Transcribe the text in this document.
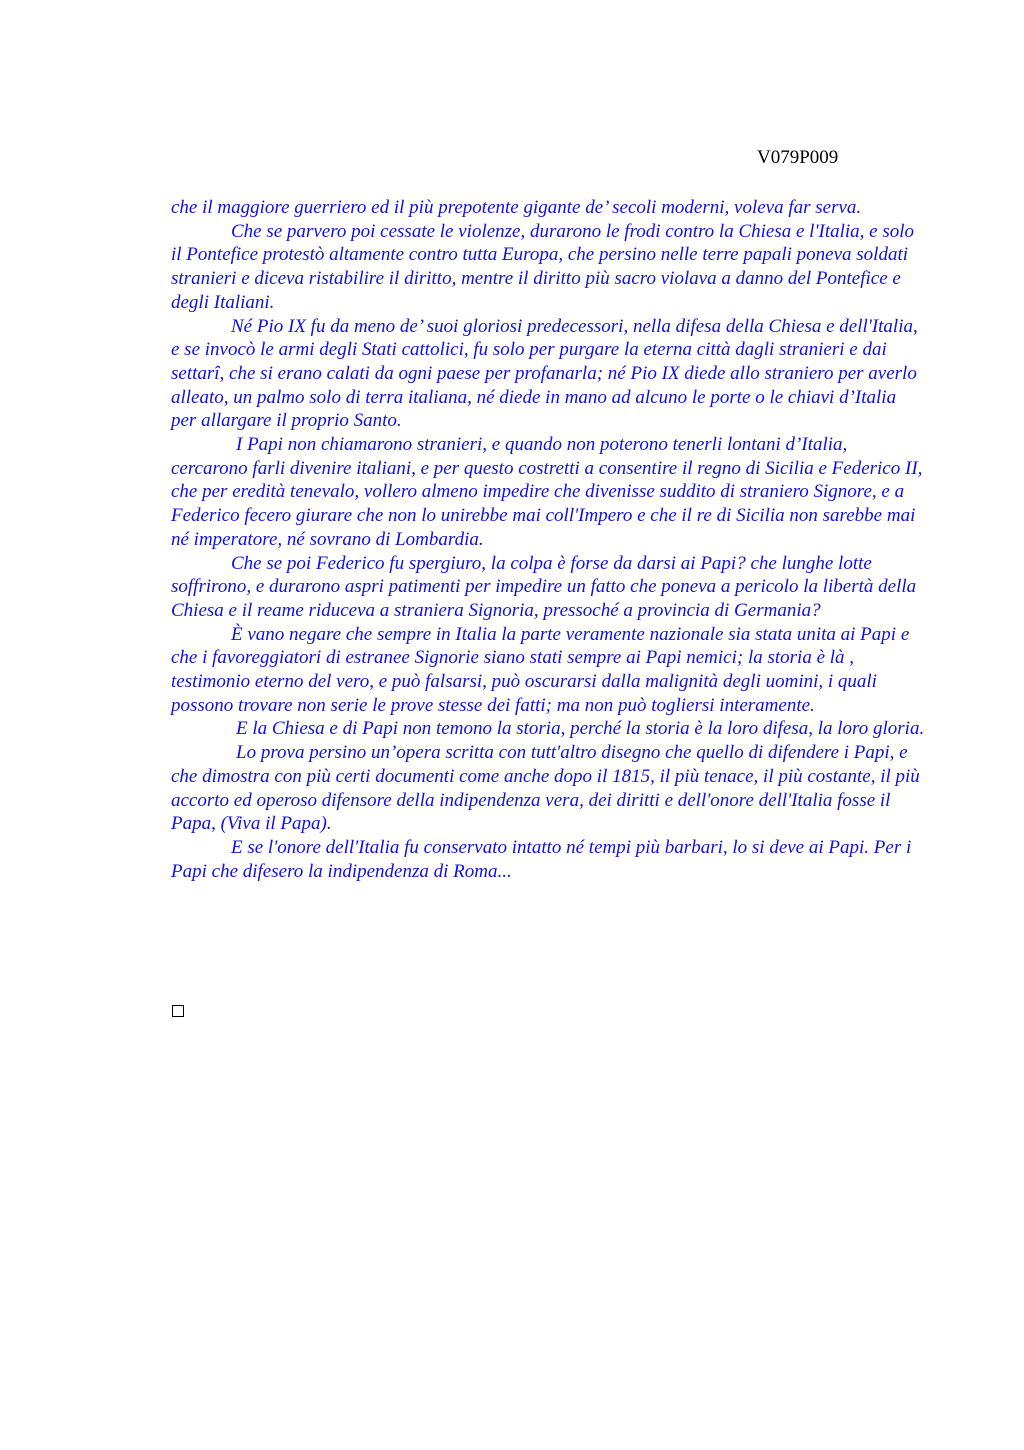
V079P009

che il maggiore guerriero ed il più prepotente gigante de’ secoli moderni, voleva far serva.

Che se parvero poi cessate le violenze, durarono le frodi contro la Chiesa e l'Italia, e solo il Pontefice protestò altamente contro tutta Europa, che persino nelle terre papali poneva soldati stranieri e diceva ristabilire il diritto, mentre il diritto più sacro violava a danno del Pontefice e degli Italiani.

Né Pio IX fu da meno de’ suoi gloriosi predecessori, nella difesa della Chiesa e dell'Italia, e se invocò le armi degli Stati cattolici, fu solo per purgare la eterna città dagli stranieri e dai settarî, che si erano calati da ogni paese per profanarla; né Pio IX diede allo straniero per averlo alleato, un palmo solo di terra italiana, né diede in mano ad alcuno le porte o le chiavi d’Italia per allargare il proprio Santo.

I Papi non chiamarono stranieri, e quando non poterono tenerli lontani d’Italia, cercarono farli divenire italiani, e per questo costretti a consentire il regno di Sicilia e Federico II, che per eredità tenevalo, vollero almeno impedire che divenisse suddito di straniero Signore, e a Federico fecero giurare che non lo unirebbe mai coll'Impero e che il re di Sicilia non sarebbe mai né imperatore, né sovrano di Lombardia.

Che se poi Federico fu spergiuro, la colpa è forse da darsi ai Papi? che lunghe lotte soffrirono, e durarono aspri patimenti per impedire un fatto che poneva a pericolo la libertà della Chiesa e il reame riduceva a straniera Signoria, pressoché a provincia di Germania?

È vano negare che sempre in Italia la parte veramente nazionale sia stata unita ai Papi e che i favoreggiatori di estranee Signorie siano stati sempre ai Papi nemici; la storia è là , testimonio eterno del vero, e può falsarsi, può oscurarsi dalla malignità degli uomini, i quali possono trovare non serie le prove stesse dei fatti; ma non può togliersi interamente.

E la Chiesa e di Papi non temono la storia, perché la storia è la loro difesa, la loro gloria.

Lo prova persino un’opera scritta con tutt'altro disegno che quello di difendere i Papi, e che dimostra con più certi documenti come anche dopo il 1815, il più tenace, il più costante, il più accorto ed operoso difensore della indipendenza vera, dei diritti e dell'onore dell'Italia fosse il Papa, (Viva il Papa).

E se l'onore dell'Italia fu conservato intatto né tempi più barbari, lo si deve ai Papi. Per i Papi che difesero la indipendenza di Roma...
